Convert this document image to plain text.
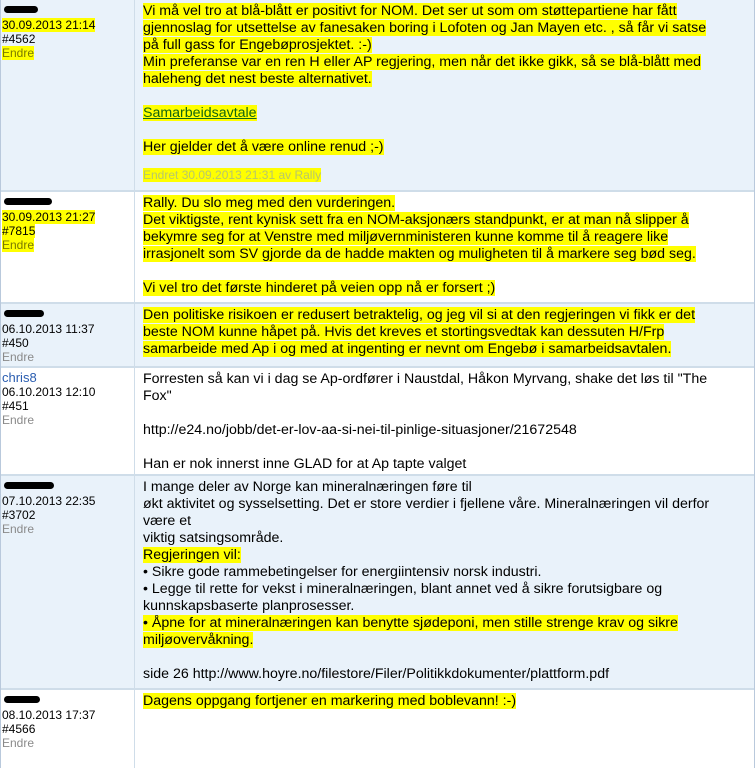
30.09.2013 21:14

#4562
Endre

Vi må vel tro at blå-blått er positivt for NOM. Det ser ut som om støttepartiene har fått

gjennoslag for utsettelse av fanesaken boring i Lofoten og Jan Mayen etc. , så får vi satse

på full gass for Engebøprosjektet. :-)

Min preferanse var en ren H eller AP regjering, men når det ikke gikk, så se blå-blått med

haleheng det nest beste alternativet.

Samarbeidsavtale

Her gjelder det å være online renud ;-)

Endret 30.09.2013 21:31 av Rally

30.09.2013 21:27
#7815
Endre

Rally. Du slo meg med den vurderingen.

Det viktigste, rent kynisk sett fra en NOM-aksjonærs standpunkt, er at man nå slipper å

bekymre seg for at Venstre med miljøvernministeren kunne komme til å reagere like

irrasjonelt som SV gjorde da de hadde makten og muligheten til å markere seg bød seg.

Vi vel tro det første hinderet på veien opp nå er forsert ;)

06.10.2013 11:37
#450
Endre

Den politiske risikoen er redusert betraktelig, og jeg vil si at den regjeringen vi fikk er det

beste NOM kunne håpet på. Hvis det kreves et stortingsvedtak kan dessuten H/Frp

samarbeide med Ap i og med at ingenting er nevnt om Engebø i samarbeidsavtalen.

chris8
06.10.2013 12:10
#451
Endre

Forresten så kan vi i dag se Ap-ordfører i Naustdal, Håkon Myrvang, shake det løs til "The

Fox"

http://e24.no/jobb/det-er-lov-aa-si-nei-til-pinlige-situasjoner/21672548

Han er nok innerst inne GLAD for at Ap tapte valget

07.10.2013 22:35
#3702
Endre

I mange deler av Norge kan mineralnæringen føre til

økt aktivitet og sysselsetting. Det er store verdier i fjellene våre. Mineralnæringen vil derfor

være et

viktig satsingsområde.

Regjeringen vil:

• Sikre gode rammebetingelser for energiintensiv norsk industri.

• Legge til rette for vekst i mineralnæringen, blant annet ved å sikre forutsigbare og

kunnskapsbaserte planprosesser.

• Åpne for at mineralnæringen kan benytte sjødeponi, men stille strenge krav og sikre

miljøovervåkning.

side 26 http://www.hoyre.no/filestore/Filer/Politikkdokumenter/plattform.pdf

08.10.2013 17:37
#4566
Endre

Dagens oppgang fortjener en markering med boblevann! :-)
